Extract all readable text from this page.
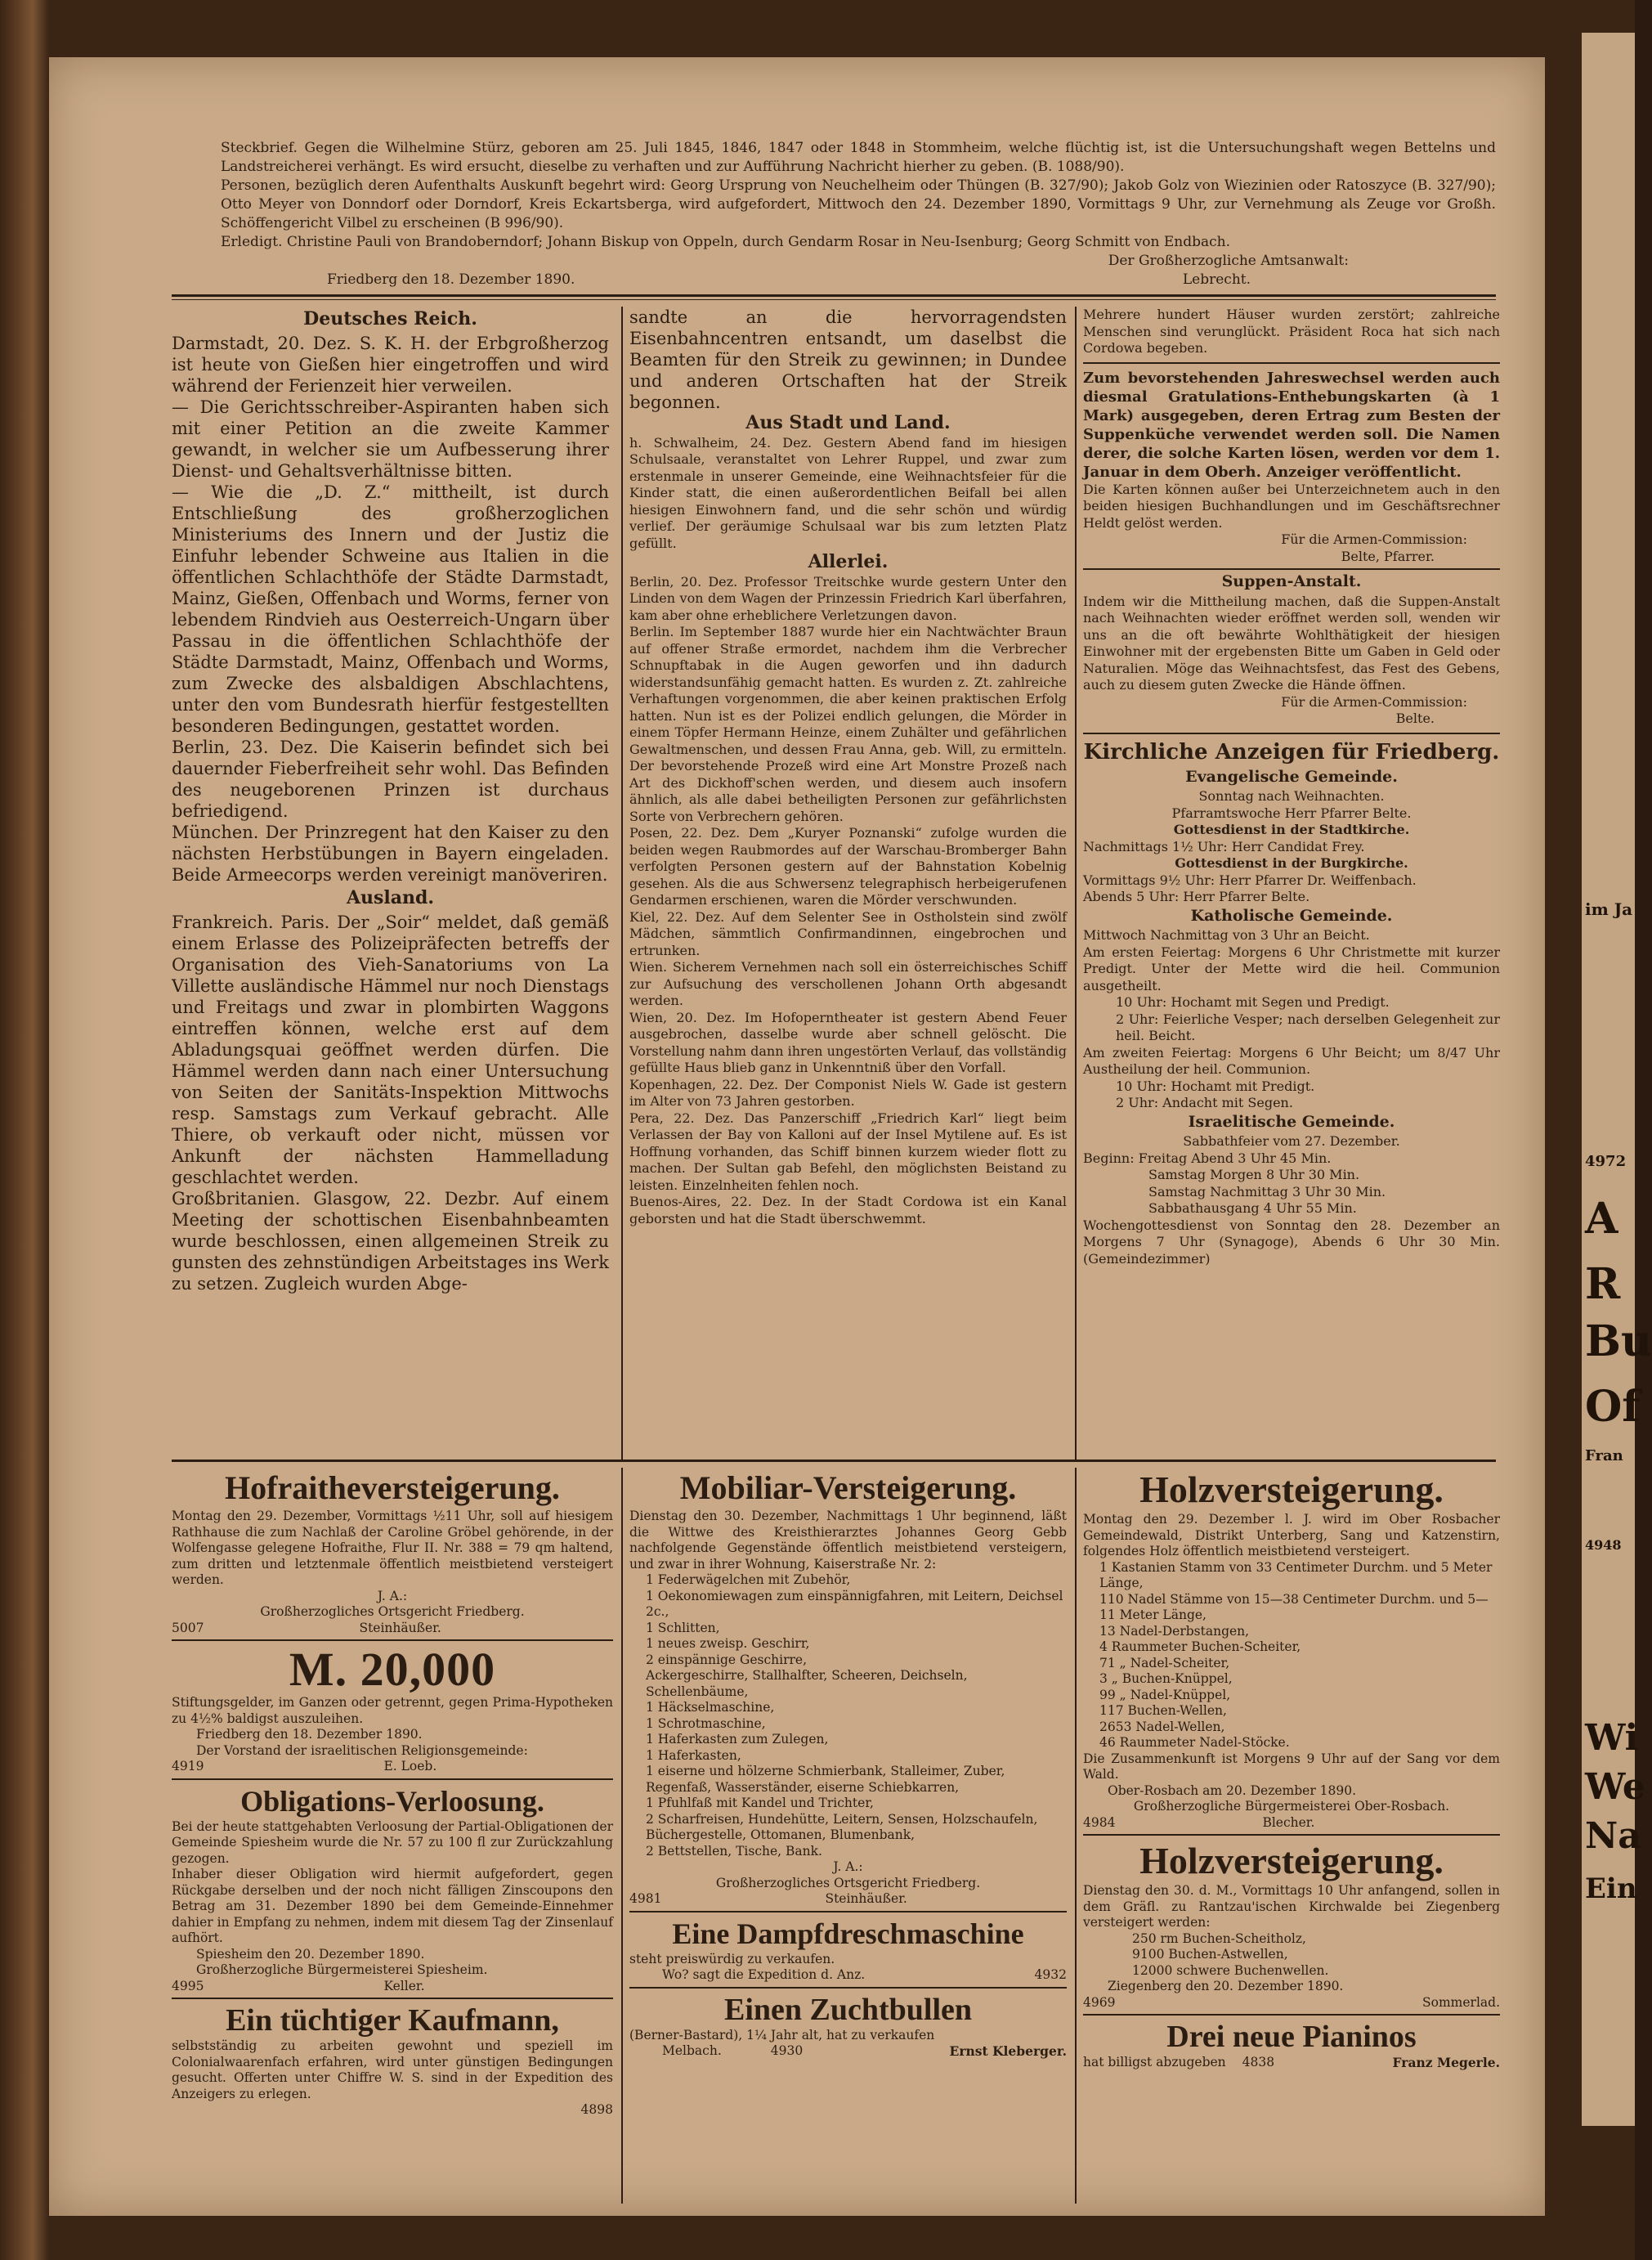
im Ja
4972
A
R
Bu
Of
Fran
4948
Wi
We
Na
Ein

Steckbrief. Gegen die Wilhelmine Stürz, geboren am 25. Juli 1845, 1846, 1847 oder 1848 in Stommheim, welche flüchtig ist, ist die Untersuchungshaft wegen Bettelns und Landstreicherei verhängt. Es wird ersucht, dieselbe zu verhaften und zur Aufführung Nachricht hierher zu geben. (B. 1088/90).

Personen, bezüglich deren Aufenthalts Auskunft begehrt wird: Georg Ursprung von Neuchelheim oder Thüngen (B. 327/90); Jakob Golz von Wiezinien oder Ratoszyce (B. 327/90); Otto Meyer von Donndorf oder Dorndorf, Kreis Eckartsberga, wird aufgefordert, Mittwoch den 24. Dezember 1890, Vormittags 9 Uhr, zur Vernehmung als Zeuge vor Großh. Schöffengericht Vilbel zu erscheinen (B 996/90).

Erledigt. Christine Pauli von Brandoberndorf; Johann Biskup von Oppeln, durch Gendarm Rosar in Neu-Isenburg; Georg Schmitt von Endbach.

Der Großherzogliche Amtsanwalt:

Friedberg den 18. Dezember 1890.	Lebrecht.

Deutsches Reich.

Darmstadt, 20. Dez. S. K. H. der Erbgroßherzog ist heute von Gießen hier eingetroffen und wird während der Ferienzeit hier verweilen.

— Die Gerichtsschreiber-Aspiranten haben sich mit einer Petition an die zweite Kammer gewandt, in welcher sie um Aufbesserung ihrer Dienst- und Gehaltsverhältnisse bitten.

— Wie die „D. Z.“ mittheilt, ist durch Entschließung des großherzoglichen Ministeriums des Innern und der Justiz die Einfuhr lebender Schweine aus Italien in die öffentlichen Schlachthöfe der Städte Darmstadt, Mainz, Gießen, Offenbach und Worms, ferner von lebendem Rindvieh aus Oesterreich-Ungarn über Passau in die öffentlichen Schlachthöfe der Städte Darmstadt, Mainz, Offenbach und Worms, zum Zwecke des alsbaldigen Abschlachtens, unter den vom Bundesrath hierfür festgestellten besonderen Bedingungen, gestattet worden.

Berlin, 23. Dez. Die Kaiserin befindet sich bei dauernder Fieberfreiheit sehr wohl. Das Befinden des neugeborenen Prinzen ist durchaus befriedigend.

München. Der Prinzregent hat den Kaiser zu den nächsten Herbstübungen in Bayern eingeladen. Beide Armeecorps werden vereinigt manöveriren.

Ausland.

Frankreich. Paris. Der „Soir“ meldet, daß gemäß einem Erlasse des Polizeipräfecten betreffs der Organisation des Vieh-Sanatoriums von La Villette ausländische Hämmel nur noch Dienstags und Freitags und zwar in plombirten Waggons eintreffen können, welche erst auf dem Abladungsquai geöffnet werden dürfen. Die Hämmel werden dann nach einer Untersuchung von Seiten der Sanitäts-Inspektion Mittwochs resp. Samstags zum Verkauf gebracht. Alle Thiere, ob verkauft oder nicht, müssen vor Ankunft der nächsten Hammelladung geschlachtet werden.

Großbritanien. Glasgow, 22. Dezbr. Auf einem Meeting der schottischen Eisenbahnbeamten wurde beschlossen, einen allgemeinen Streik zu gunsten des zehnstündigen Arbeitstages ins Werk zu setzen. Zugleich wurden Abge-

sandte an die hervorragendsten Eisenbahncentren entsandt, um daselbst die Beamten für den Streik zu gewinnen; in Dundee und anderen Ortschaften hat der Streik begonnen.

Aus Stadt und Land.

h. Schwalheim, 24. Dez. Gestern Abend fand im hiesigen Schulsaale, veranstaltet von Lehrer Ruppel, und zwar zum erstenmale in unserer Gemeinde, eine Weihnachtsfeier für die Kinder statt, die einen außerordentlichen Beifall bei allen hiesigen Einwohnern fand, und die sehr schön und würdig verlief. Der geräumige Schulsaal war bis zum letzten Platz gefüllt.

Allerlei.

Berlin, 20. Dez. Professor Treitschke wurde gestern Unter den Linden von dem Wagen der Prinzessin Friedrich Karl überfahren, kam aber ohne erheblichere Verletzungen davon.

Berlin. Im September 1887 wurde hier ein Nachtwächter Braun auf offener Straße ermordet, nachdem ihm die Verbrecher Schnupftabak in die Augen geworfen und ihn dadurch widerstandsunfähig gemacht hatten. Es wurden z. Zt. zahlreiche Verhaftungen vorgenommen, die aber keinen praktischen Erfolg hatten. Nun ist es der Polizei endlich gelungen, die Mörder in einem Töpfer Hermann Heinze, einem Zuhälter und gefährlichen Gewaltmenschen, und dessen Frau Anna, geb. Will, zu ermitteln. Der bevorstehende Prozeß wird eine Art Monstre Prozeß nach Art des Dickhoff'schen werden, und diesem auch insofern ähnlich, als alle dabei betheiligten Personen zur gefährlichsten Sorte von Verbrechern gehören.

Posen, 22. Dez. Dem „Kuryer Poznanski“ zufolge wurden die beiden wegen Raubmordes auf der Warschau-Bromberger Bahn verfolgten Personen gestern auf der Bahnstation Kobelnig gesehen. Als die aus Schwersenz telegraphisch herbeigerufenen Gendarmen erschienen, waren die Mörder verschwunden.

Kiel, 22. Dez. Auf dem Selenter See in Ostholstein sind zwölf Mädchen, sämmtlich Confirmandinnen, eingebrochen und ertrunken.

Wien. Sicherem Vernehmen nach soll ein österreichisches Schiff zur Aufsuchung des verschollenen Johann Orth abgesandt werden.

Wien, 20. Dez. Im Hofoperntheater ist gestern Abend Feuer ausgebrochen, dasselbe wurde aber schnell gelöscht. Die Vorstellung nahm dann ihren ungestörten Verlauf, das vollständig gefüllte Haus blieb ganz in Unkenntniß über den Vorfall.

Kopenhagen, 22. Dez. Der Componist Niels W. Gade ist gestern im Alter von 73 Jahren gestorben.

Pera, 22. Dez. Das Panzerschiff „Friedrich Karl“ liegt beim Verlassen der Bay von Kalloni auf der Insel Mytilene auf. Es ist Hoffnung vorhanden, das Schiff binnen kurzem wieder flott zu machen. Der Sultan gab Befehl, den möglichsten Beistand zu leisten. Einzelnheiten fehlen noch.

Buenos-Aires, 22. Dez. In der Stadt Cordowa ist ein Kanal geborsten und hat die Stadt überschwemmt.

Mehrere hundert Häuser wurden zerstört; zahlreiche Menschen sind verunglückt. Präsident Roca hat sich nach Cordowa begeben.

Zum bevorstehenden Jahreswechsel werden auch diesmal Gratulations-Enthebungskarten (à 1 Mark) ausgegeben, deren Ertrag zum Besten der Suppenküche verwendet werden soll. Die Namen derer, die solche Karten lösen, werden vor dem 1. Januar in dem Oberh. Anzeiger veröffentlicht.

Die Karten können außer bei Unterzeichnetem auch in den beiden hiesigen Buchhandlungen und im Geschäftsrechner Heldt gelöst werden.

Für die Armen-Commission:

Belte, Pfarrer.

Suppen-Anstalt.

Indem wir die Mittheilung machen, daß die Suppen-Anstalt nach Weihnachten wieder eröffnet werden soll, wenden wir uns an die oft bewährte Wohlthätigkeit der hiesigen Einwohner mit der ergebensten Bitte um Gaben in Geld oder Naturalien. Möge das Weihnachtsfest, das Fest des Gebens, auch zu diesem guten Zwecke die Hände öffnen.

Für die Armen-Commission:

Belte.

Kirchliche Anzeigen für Friedberg.
Evangelische Gemeinde.

Sonntag nach Weihnachten.

Pfarramtswoche Herr Pfarrer Belte.

Gottesdienst in der Stadtkirche.

Nachmittags 1½ Uhr: Herr Candidat Frey.

Gottesdienst in der Burgkirche.

Vormittags 9½ Uhr: Herr Pfarrer Dr. Weiffenbach.

Abends 5 Uhr: Herr Pfarrer Belte.

Katholische Gemeinde.

Mittwoch Nachmittag von 3 Uhr an Beicht.

Am ersten Feiertag: Morgens 6 Uhr Christmette mit kurzer Predigt. Unter der Mette wird die heil. Communion ausgetheilt.

10 Uhr: Hochamt mit Segen und Predigt.

2 Uhr: Feierliche Vesper; nach derselben Gelegenheit zur heil. Beicht.

Am zweiten Feiertag: Morgens 6 Uhr Beicht; um 8/47 Uhr Austheilung der heil. Communion.

10 Uhr: Hochamt mit Predigt.

2 Uhr: Andacht mit Segen.

Israelitische Gemeinde.

Sabbathfeier vom 27. Dezember.

Beginn: Freitag Abend 3 Uhr 45 Min.

Samstag Morgen 8 Uhr 30 Min.

Samstag Nachmittag 3 Uhr 30 Min.

Sabbathausgang 4 Uhr 55 Min.

Wochengottesdienst von Sonntag den 28. Dezember an Morgens 7 Uhr (Synagoge), Abends 6 Uhr 30 Min. (Gemeindezimmer)

Hofraitheversteigerung.

Montag den 29. Dezember, Vormittags ½11 Uhr, soll auf hiesigem Rathhause die zum Nachlaß der Caroline Gröbel gehörende, in der Wolfengasse gelegene Hofraithe, Flur II. Nr. 388 = 79 qm haltend, zum dritten und letztenmale öffentlich meistbietend versteigert werden.

J. A.:

Großherzogliches Ortsgericht Friedberg.

5007	Steinhäußer.

M. 20,000

Stiftungsgelder, im Ganzen oder getrennt, gegen Prima-Hypotheken zu 4½% baldigst auszuleihen.

Friedberg den 18. Dezember 1890.

Der Vorstand der israelitischen Religionsgemeinde:

4919	E. Loeb.

Obligations-Verloosung.

Bei der heute stattgehabten Verloosung der Partial-Obligationen der Gemeinde Spiesheim wurde die Nr. 57 zu 100 fl zur Zurückzahlung gezogen.

Inhaber dieser Obligation wird hiermit aufgefordert, gegen Rückgabe derselben und der noch nicht fälligen Zinscoupons den Betrag am 31. Dezember 1890 bei dem Gemeinde-Einnehmer dahier in Empfang zu nehmen, indem mit diesem Tag der Zinsenlauf aufhört.

Spiesheim den 20. Dezember 1890.

Großherzogliche Bürgermeisterei Spiesheim.

4995	Keller.

Ein tüchtiger Kaufmann,

selbstständig zu arbeiten gewohnt und speziell im Colonialwaarenfach erfahren, wird unter günstigen Bedingungen gesucht. Offerten unter Chiffre W. S. sind in der Expedition des Anzeigers zu erlegen.

4898

Mobiliar-Versteigerung.

Dienstag den 30. Dezember, Nachmittags 1 Uhr beginnend, läßt die Wittwe des Kreisthierarztes Johannes Georg Gebb nachfolgende Gegenstände öffentlich meistbietend versteigern, und zwar in ihrer Wohnung, Kaiserstraße Nr. 2:

1 Federwägelchen mit Zubehör,

1 Oekonomiewagen zum einspännigfahren, mit Leitern, Deichsel 2c.,

1 Schlitten,

1 neues zweisp. Geschirr,

2 einspännige Geschirre,

Ackergeschirre, Stallhalfter, Scheeren, Deichseln, Schellenbäume,

1 Häckselmaschine,

1 Schrotmaschine,

1 Haferkasten zum Zulegen,

1 Haferkasten,

1 eiserne und hölzerne Schmierbank, Stalleimer, Zuber, Regenfaß, Wasserständer, eiserne Schiebkarren,

1 Pfuhlfaß mit Kandel und Trichter,

2 Scharfreisen, Hundehütte, Leitern, Sensen, Holzschaufeln, Büchergestelle, Ottomanen, Blumenbank,

2 Bettstellen, Tische, Bank.

J. A.:

Großherzogliches Ortsgericht Friedberg.

4981	Steinhäußer.

Eine Dampfdreschmaschine

steht preiswürdig zu verkaufen.

Wo? sagt die Expedition d. Anz.	4932

Einen Zuchtbullen

(Berner-Bastard), 1¼ Jahr alt, hat zu verkaufen

Melbach.	4930	Ernst Kleberger.

Holzversteigerung.

Montag den 29. Dezember l. J. wird im Ober Rosbacher Gemeindewald, Distrikt Unterberg, Sang und Katzenstirn, folgendes Holz öffentlich meistbietend versteigert.

1 Kastanien Stamm von 33 Centimeter Durchm. und 5 Meter Länge,

110 Nadel Stämme von 15—38 Centimeter Durchm. und 5—11 Meter Länge,

13 Nadel-Derbstangen,

4 Raummeter Buchen-Scheiter,

71 „ Nadel-Scheiter,

3 „ Buchen-Knüppel,

99 „ Nadel-Knüppel,

117 Buchen-Wellen,

2653 Nadel-Wellen,

46 Raummeter Nadel-Stöcke.

Die Zusammenkunft ist Morgens 9 Uhr auf der Sang vor dem Wald.

Ober-Rosbach am 20. Dezember 1890.

Großherzogliche Bürgermeisterei Ober-Rosbach.

4984	Blecher.

Holzversteigerung.

Dienstag den 30. d. M., Vormittags 10 Uhr anfangend, sollen in dem Gräfl. zu Rantzau'ischen Kirchwalde bei Ziegenberg versteigert werden:

250 rm Buchen-Scheitholz,

9100 Buchen-Astwellen,

12000 schwere Buchenwellen.

Ziegenberg den 20. Dezember 1890.

4969	Sommerlad.

Drei neue Pianinos

hat billigst abzugeben 4838	Franz Megerle.
